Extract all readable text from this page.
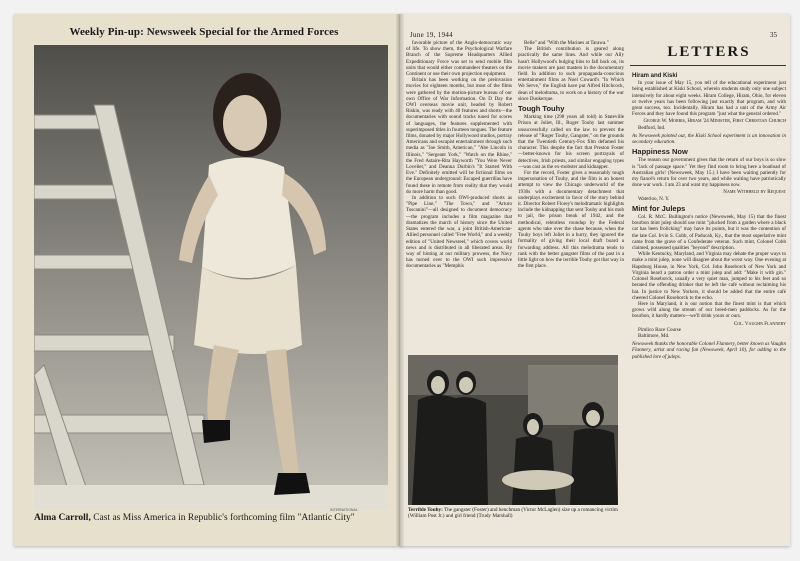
Weekly Pin-up: Newsweek Special for the Armed Forces
INTERNATIONAL
Alma Carroll, Cast as Miss America in Republic's forthcoming film "Atlantic City"
June 19, 1944	35
LETTERS

favorable picture of the Anglo-democratic way of life. To show them, the Psychological Warfare Branch of the Supreme Headquarters Allied Expeditionary Force was set to send mobile film units that would either commandeer theaters on the Continent or use their own projection equipment.

Britain has been working on the preinvasion movies for eighteen months, but most of the films were gathered by the motion-picture bureau of our own Office of War Information. On D Day the OWI overseas movie unit, headed by Robert Riskin, was ready with 40 features and shorts—the documentaries with sound tracks tuned for scores of languages, the features supplemented with superimposed titles in fourteen tongues. The feature films, donated by major Hollywood studios, portray Americans and escapist entertainment through such media as "Joe Smith, American," "Abe Lincoln in Illinois," "Sergeant York," "Watch on the Rhine," the Fred Astaire-Rita Hayworth "You Were Never Lovelier," and Deanna Durbin's "It Started With Eve." Definitely omitted will be fictional films on the European underground: Escaped guerrillas have found these in remote from reality that they would do more harm than good.

In addition to such OWI-produced shorts as "Pipe Line," "The Town," and "Arturo Toscanini"—all designed to document democracy—the program includes a film magazine that dramatizes the march of history since the United States entered the war, a joint British-American-Allied personnel called "Free World," and a weekly edition of "United Newsreel," which covers world news and is distributed in all liberated areas. By way of hinting at our military prowess, the Navy has turned over to the OWI such impressive documentaries as "Memphis

Belle" and "With the Marines at Tarawa."

The British contribution is geared along practically the same lines. And while our Ally hasn't Hollywood's bulging bins to fall back on, its movie makers are past masters in the documentary field. In addition to such propaganda-conscious entertainment films as Noel Coward's "In Which We Serve," the English have put Alfred Hitchcock, dean of melodrama, to work on a history of the war since Dunkerque.

Tough Touhy

Marking time (298 years all told) in Stateville Prison at Joliet, Ill., Roger Touhy last summer unsuccessfully called on the law to prevent the release of "Roger Touhy, Gangster," on the grounds that the Twentieth Century-Fox film defamed his character. This despite the fact that Preston Foster—better-known for his screen portrayals of detectives, Irish priests, and similar engaging types—was cast as the ex-mobster and kidnapper.

For the record, Foster gives a reasonably tough impersonation of Touhy, and the film is an honest attempt to view the Chicago underworld of the 1930s with a documentary detachment that underplays excitement in favor of the story behind it. Director Robert Florey's melodramatic highlights include the kidnapping that sent Touhy and his mob to jail, the prison break of 1942, and the methodical, relentless roundup by the Federal agents who take over the chase because, when the Touhy boys left Joliet in a hurry, they ignored the formality of giving their local draft board a forwarding address. All this melodrama tends to rank with the better gangster films of the past in a little light on how the terrible Touhy got that way in the first place.

Terrible Touhy: The gangster (Foster) and henchman (Victor McLaglen) size up a romancing victim (William Post Jr.) and girl friend (Trudy Marshall)
Hiram and Kiski

In your issue of May 15, you tell of the educational experiment just being established at Kiski School, wherein students study only one subject intensively for about eight weeks. Hiram College, Hiram, Ohio, for eleven or twelve years has been following just exactly that program, and with great success, too. Incidentally, Hiram has had a unit of the Army Air Forces and they have found this program "just what the general ordered."

George W. Morris, Hiram '24 Minister, First Christian Church
Bedford, Ind.
As Newsweek pointed out, the Kiski School experiment is an innovation in secondary education.
Happiness Now

The reason our government gives that the return of our boys is so slow is "lack of passage space." Yet they find room to bring here a boatload of Australian girls! (Newsweek, May 15.) I have been waiting patiently for my fiancé's return for over two years, and while waiting have patriotically done war work. I am 23 and want my happiness now.

Name Withheld by Request
Waterloo, N. Y.
Mint for Juleps

Col. R. McC. Bullington's notice (Newsweek, May 15) that the finest bourbon mint julep should use mint "plucked from a garden where a black cat has been frolicking" may have its points, but it was the contention of the late Col. Irvin S. Cobb, of Paducah, Ky., that the most superlative mint came from the grave of a Confederate veteran. Such mint, Colonel Cobb claimed, possessed qualities "beyond" description.

While Kentucky, Maryland, and Virginia may debate the proper ways to make a mint julep, none will disagree about the worst way. One evening at Hapsburg House, in New York, Col. John Roseborck of New York and Virginia heard a patron order a mint julep and add: "Make it with gin." Colonel Roseborck, usually a very quiet man, jumped to his feet and so berated the offending drinker that he left the café without reclaiming his hat. In justice to New Yorkers, it should be added that the entire café cheered Colonel Roseborck to the echo.

Here in Maryland, it is our notion that the finest mint is that which grows wild along the stream of our breed-men paddocks. As for the bourbon, it hardly matters—we'll drink yours or ours.

Col. Vaughn Flannery
Pimlico Race Course
Baltimore, Md.
Newsweek thanks the honorable Colonel Flannery, better known as Vaughn Flannery, artist and racing fan (Newsweek, April 10), for adding to the published lore of juleps.
